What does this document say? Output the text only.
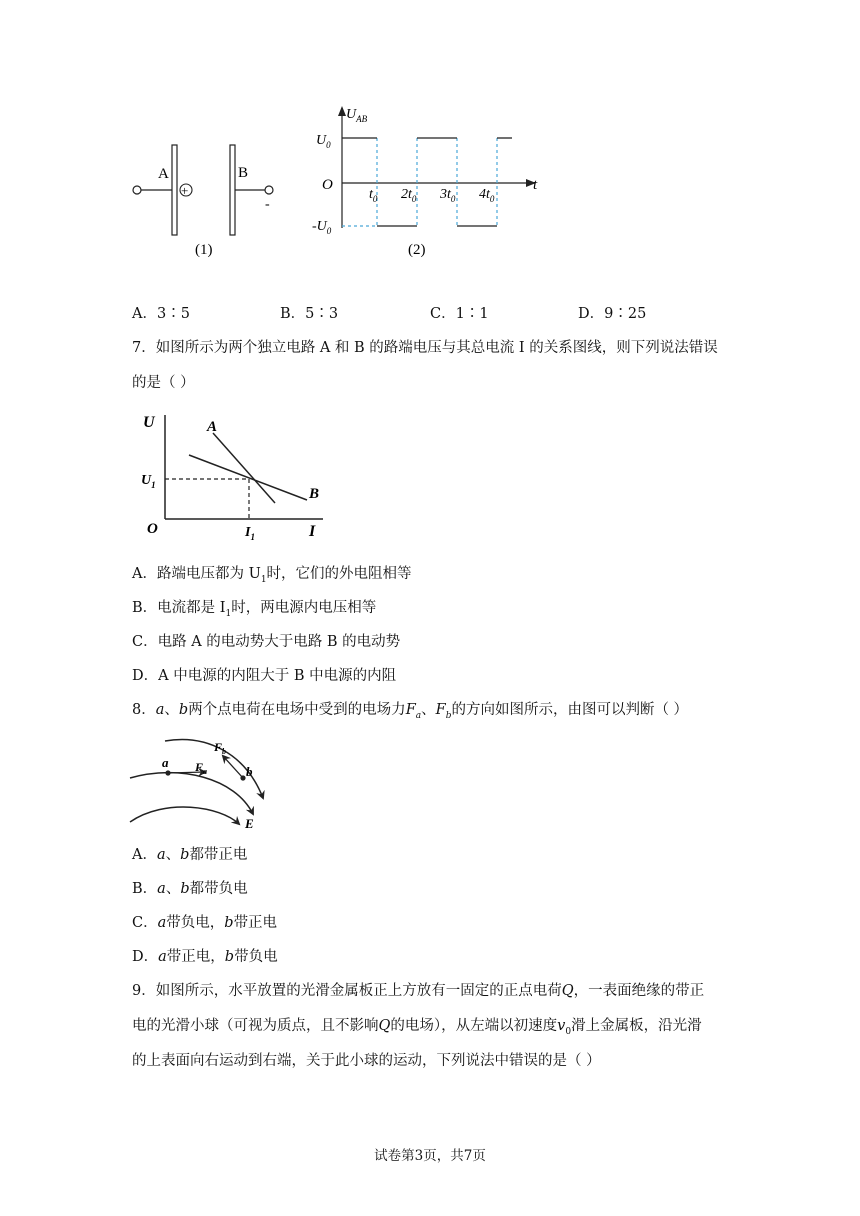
A
+
B
-
(1)
$U_{AB}$
$U_0$
O
$-U_0$
t
$t_0$ $2t_0$ $3t_0$ $4t_0$
(2)
A．3∶5	B．5∶3	C．1∶1	D．9∶25
7．如图所示为两个独立电路 A 和 B 的路端电压与其总电流 I 的关系图线，则下列说法错误
的是（ ）
U
I
O
A
B
$U_1$
$I_1$
A．路端电压都为 $U_1$时，它们的外电阻相等
B．电流都是 $I_1$时，两电源内电压相等
C．电路 A 的电动势大于电路 B 的电动势
D．A 中电源的内阻大于 B 中电源的内阻
8．a、b两个点电荷在电场中受到的电场力$F_a$、$F_b$的方向如图所示，由图可以判断（ ）
a
b
$F_a$
$F_b$
E
A．a、b都带正电
B．a、b都带负电
C．a带负电，b带正电
D．a带正电，b带负电
9．如图所示，水平放置的光滑金属板正上方放有一固定的正点电荷Q，一表面绝缘的带正
电的光滑小球（可视为质点，且不影响Q的电场），从左端以初速度$v_0$滑上金属板，沿光滑
的上表面向右运动到右端，关于此小球的运动，下列说法中错误的是（ ）
试卷第3页，共7页
